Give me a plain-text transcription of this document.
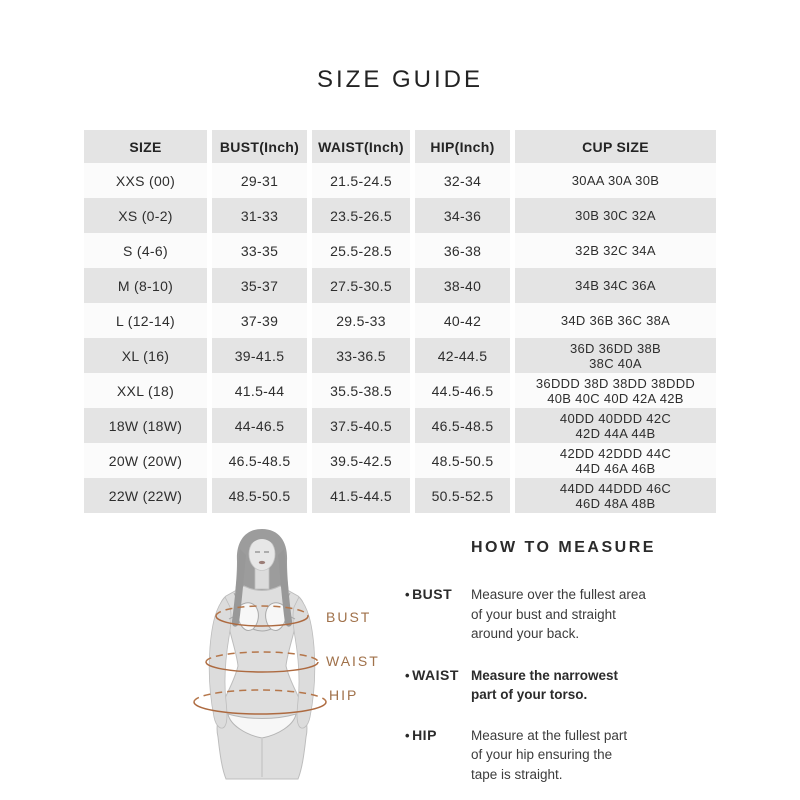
SIZE GUIDE
SIZE	BUST(Inch)	WAIST(Inch)	HIP(Inch)	CUP SIZE
XXS (00)	29-31	21.5-24.5	32-34	30AA 30A 30B
XS (0-2)	31-33	23.5-26.5	34-36	30B 30C 32A
S (4-6)	33-35	25.5-28.5	36-38	32B 32C 34A
M (8-10)	35-37	27.5-30.5	38-40	34B 34C 36A
L (12-14)	37-39	29.5-33	40-42	34D 36B 36C 38A
XL (16)	39-41.5	33-36.5	42-44.5	36D 36DD 38B
38C 40A
XXL (18)	41.5-44	35.5-38.5	44.5-46.5	36DDD 38D 38DD 38DDD
40B 40C 40D 42A 42B
18W (18W)	44-46.5	37.5-40.5	46.5-48.5	40DD 40DDD 42C
42D 44A 44B
20W (20W)	46.5-48.5	39.5-42.5	48.5-50.5	42DD 42DDD 44C
44D 46A 46B
22W (22W)	48.5-50.5	41.5-44.5	50.5-52.5	44DD 44DDD 46C
46D 48A 48B
BUST
WAIST
HIP
HOW TO MEASURE
• BUST	Measure over the fullest area
of your bust and straight
around your back.
• WAIST Measure the narrowest
part of your torso.
• HIP	Measure at the fullest part
of your hip ensuring the
tape is straight.
